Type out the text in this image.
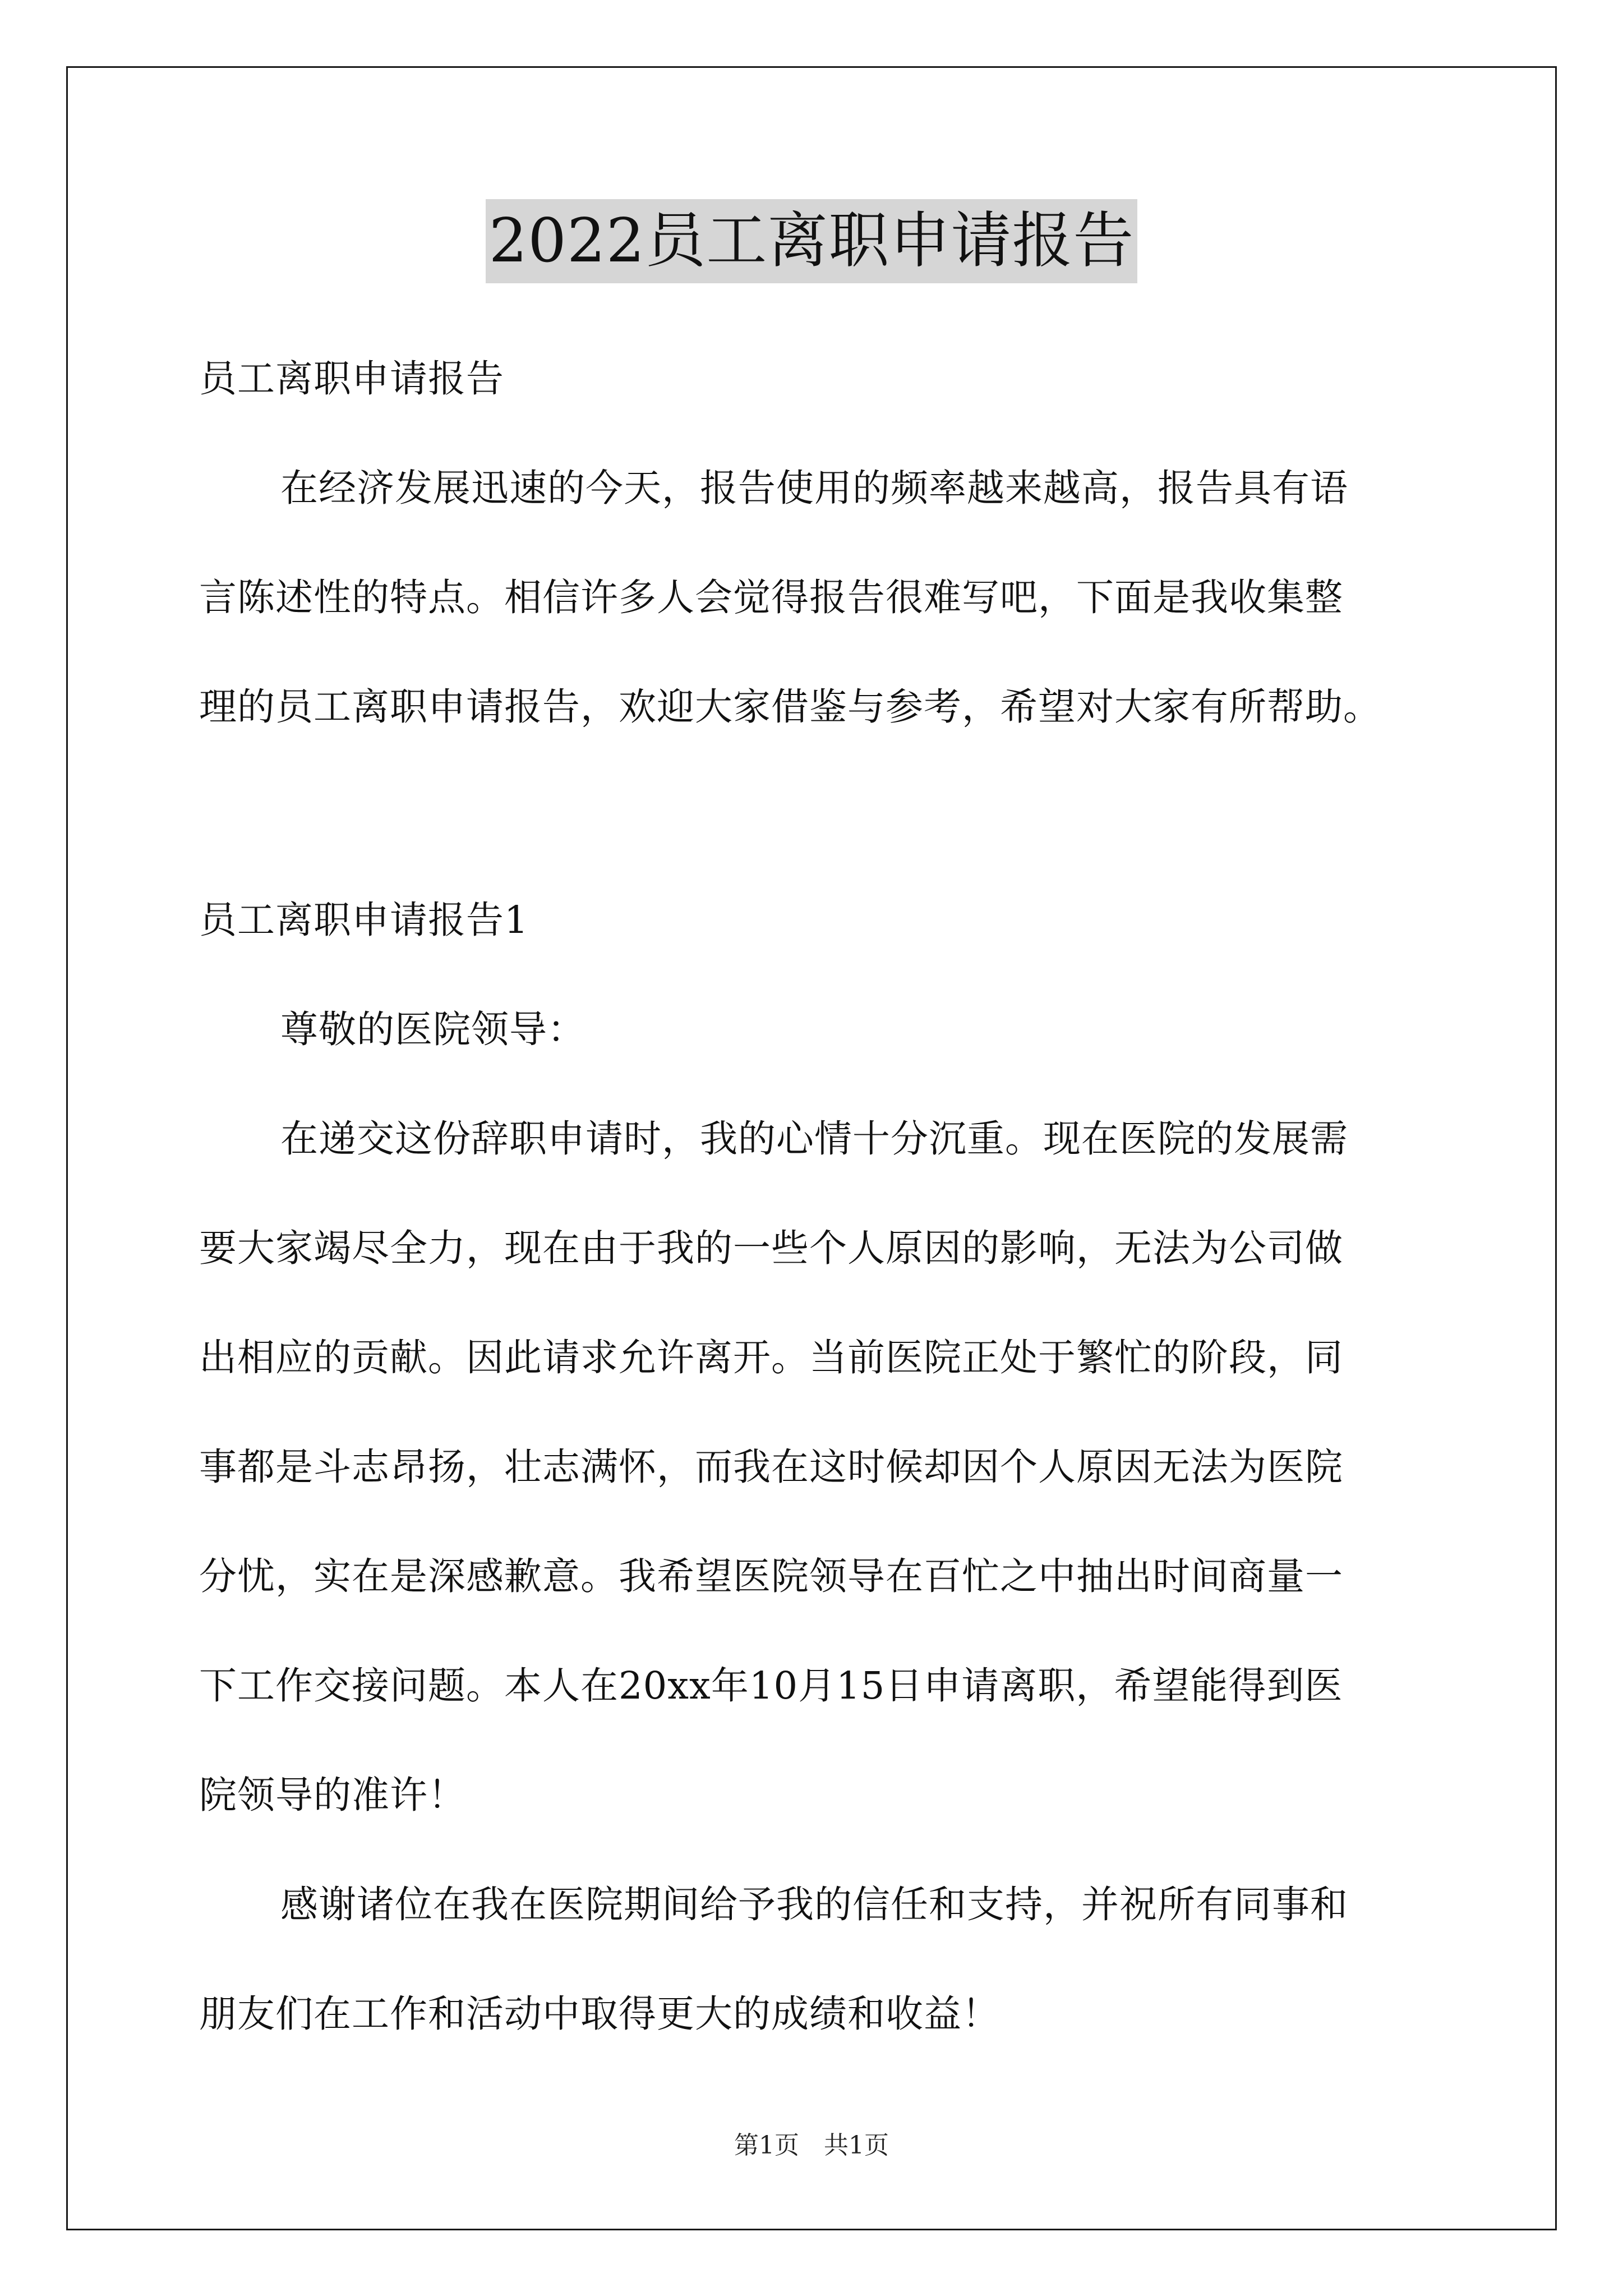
2022员工离职申请报告
员工离职申请报告
在经济发展迅速的今天，报告使用的频率越来越高，报告具有语
言陈述性的特点。相信许多人会觉得报告很难写吧，下面是我收集整
理的员工离职申请报告，欢迎大家借鉴与参考，希望对大家有所帮助。
员工离职申请报告1
尊敬的医院领导：
在递交这份辞职申请时，我的心情十分沉重。现在医院的发展需
要大家竭尽全力，现在由于我的一些个人原因的影响，无法为公司做
出相应的贡献。因此请求允许离开。当前医院正处于繁忙的阶段，同
事都是斗志昂扬，壮志满怀，而我在这时候却因个人原因无法为医院
分忧，实在是深感歉意。我希望医院领导在百忙之中抽出时间商量一
下工作交接问题。本人在20xx年10月15日申请离职，希望能得到医
院领导的准许！
感谢诸位在我在医院期间给予我的信任和支持，并祝所有同事和
朋友们在工作和活动中取得更大的成绩和收益！
第1页　共1页
